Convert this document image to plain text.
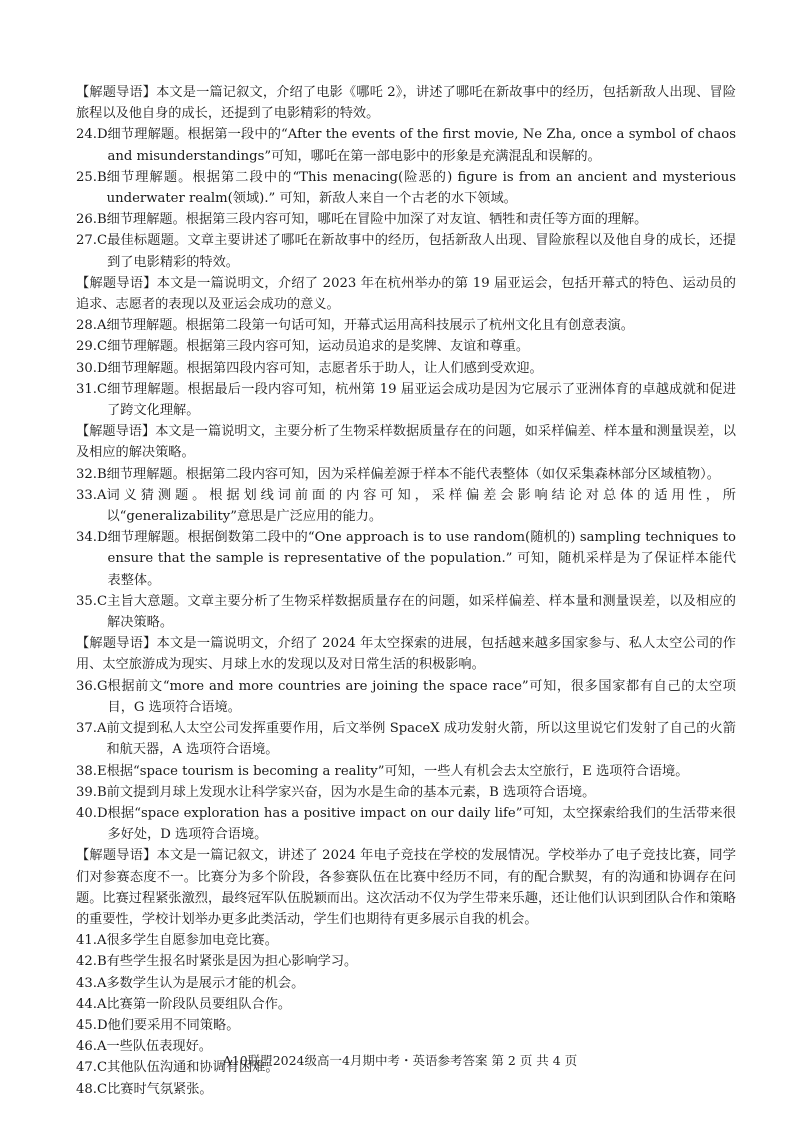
【解题导语】本文是一篇记叙文，介绍了电影《哪吒 2》，讲述了哪吒在新故事中的经历，包括新敌人出现、冒险旅程以及他自身的成长，还提到了电影精彩的特效。

24.D 细节理解题。根据第一段中的“After the events of the first movie, Ne Zha, once a symbol of chaos and misunderstandings”可知，哪吒在第一部电影中的形象是充满混乱和误解的。
25.B 细节理解题。根据第二段中的“This menacing(险恶的) figure is from an ancient and mysterious underwater realm(领域).” 可知，新敌人来自一个古老的水下领域。
26.B 细节理解题。根据第三段内容可知，哪吒在冒险中加深了对友谊、牺牲和责任等方面的理解。
27.C 最佳标题题。文章主要讲述了哪吒在新故事中的经历，包括新敌人出现、冒险旅程以及他自身的成长，还提到了电影精彩的特效。

【解题导语】本文是一篇说明文，介绍了 2023 年在杭州举办的第 19 届亚运会，包括开幕式的特色、运动员的追求、志愿者的表现以及亚运会成功的意义。

28.A 细节理解题。根据第二段第一句话可知，开幕式运用高科技展示了杭州文化且有创意表演。
29.C 细节理解题。根据第三段内容可知，运动员追求的是奖牌、友谊和尊重。
30.D 细节理解题。根据第四段内容可知，志愿者乐于助人，让人们感到受欢迎。
31.C 细节理解题。根据最后一段内容可知，杭州第 19 届亚运会成功是因为它展示了亚洲体育的卓越成就和促进了跨文化理解。

【解题导语】本文是一篇说明文，主要分析了生物采样数据质量存在的问题，如采样偏差、样本量和测量误差，以及相应的解决策略。

32.B 细节理解题。根据第二段内容可知，因为采样偏差源于样本不能代表整体（如仅采集森林部分区域植物）。
33.A 词义猜测题。根据划线词前面的内容可知，采样偏差会影响结论对总体的适用性，所以“generalizability”意思是广泛应用的能力。
34.D 细节理解题。根据倒数第二段中的“One approach is to use random(随机的) sampling techniques to ensure that the sample is representative of the population.” 可知，随机采样是为了保证样本能代表整体。
35.C 主旨大意题。文章主要分析了生物采样数据质量存在的问题，如采样偏差、样本量和测量误差，以及相应的解决策略。

【解题导语】本文是一篇说明文，介绍了 2024 年太空探索的进展，包括越来越多国家参与、私人太空公司的作用、太空旅游成为现实、月球上水的发现以及对日常生活的积极影响。

36.G 根据前文“more and more countries are joining the space race”可知，很多国家都有自己的太空项目，G 选项符合语境。
37.A 前文提到私人太空公司发挥重要作用，后文举例 SpaceX 成功发射火箭，所以这里说它们发射了自己的火箭和航天器，A 选项符合语境。
38.E 根据“space tourism is becoming a reality”可知，一些人有机会去太空旅行，E 选项符合语境。
39.B 前文提到月球上发现水让科学家兴奋，因为水是生命的基本元素，B 选项符合语境。
40.D 根据“space exploration has a positive impact on our daily life”可知，太空探索给我们的生活带来很多好处，D 选项符合语境。

【解题导语】本文是一篇记叙文，讲述了 2024 年电子竞技在学校的发展情况。学校举办了电子竞技比赛，同学们对参赛态度不一。比赛分为多个阶段，各参赛队伍在比赛中经历不同，有的配合默契，有的沟通和协调存在问题。比赛过程紧张激烈，最终冠军队伍脱颖而出。这次活动不仅为学生带来乐趣，还让他们认识到团队合作和策略的重要性，学校计划举办更多此类活动，学生们也期待有更多展示自我的机会。

41.A 很多学生自愿参加电竞比赛。
42.B 有些学生报名时紧张是因为担心影响学习。
43.A 多数学生认为是展示才能的机会。
44.A 比赛第一阶段队员要组队合作。
45.D 他们要采用不同策略。
46.A 一些队伍表现好。
47.C 其他队伍沟通和协调有困难。
48.C 比赛时气氛紧张。
A10联盟2024级高一4月期中考・英语参考答案 第 2 页 共 4 页
